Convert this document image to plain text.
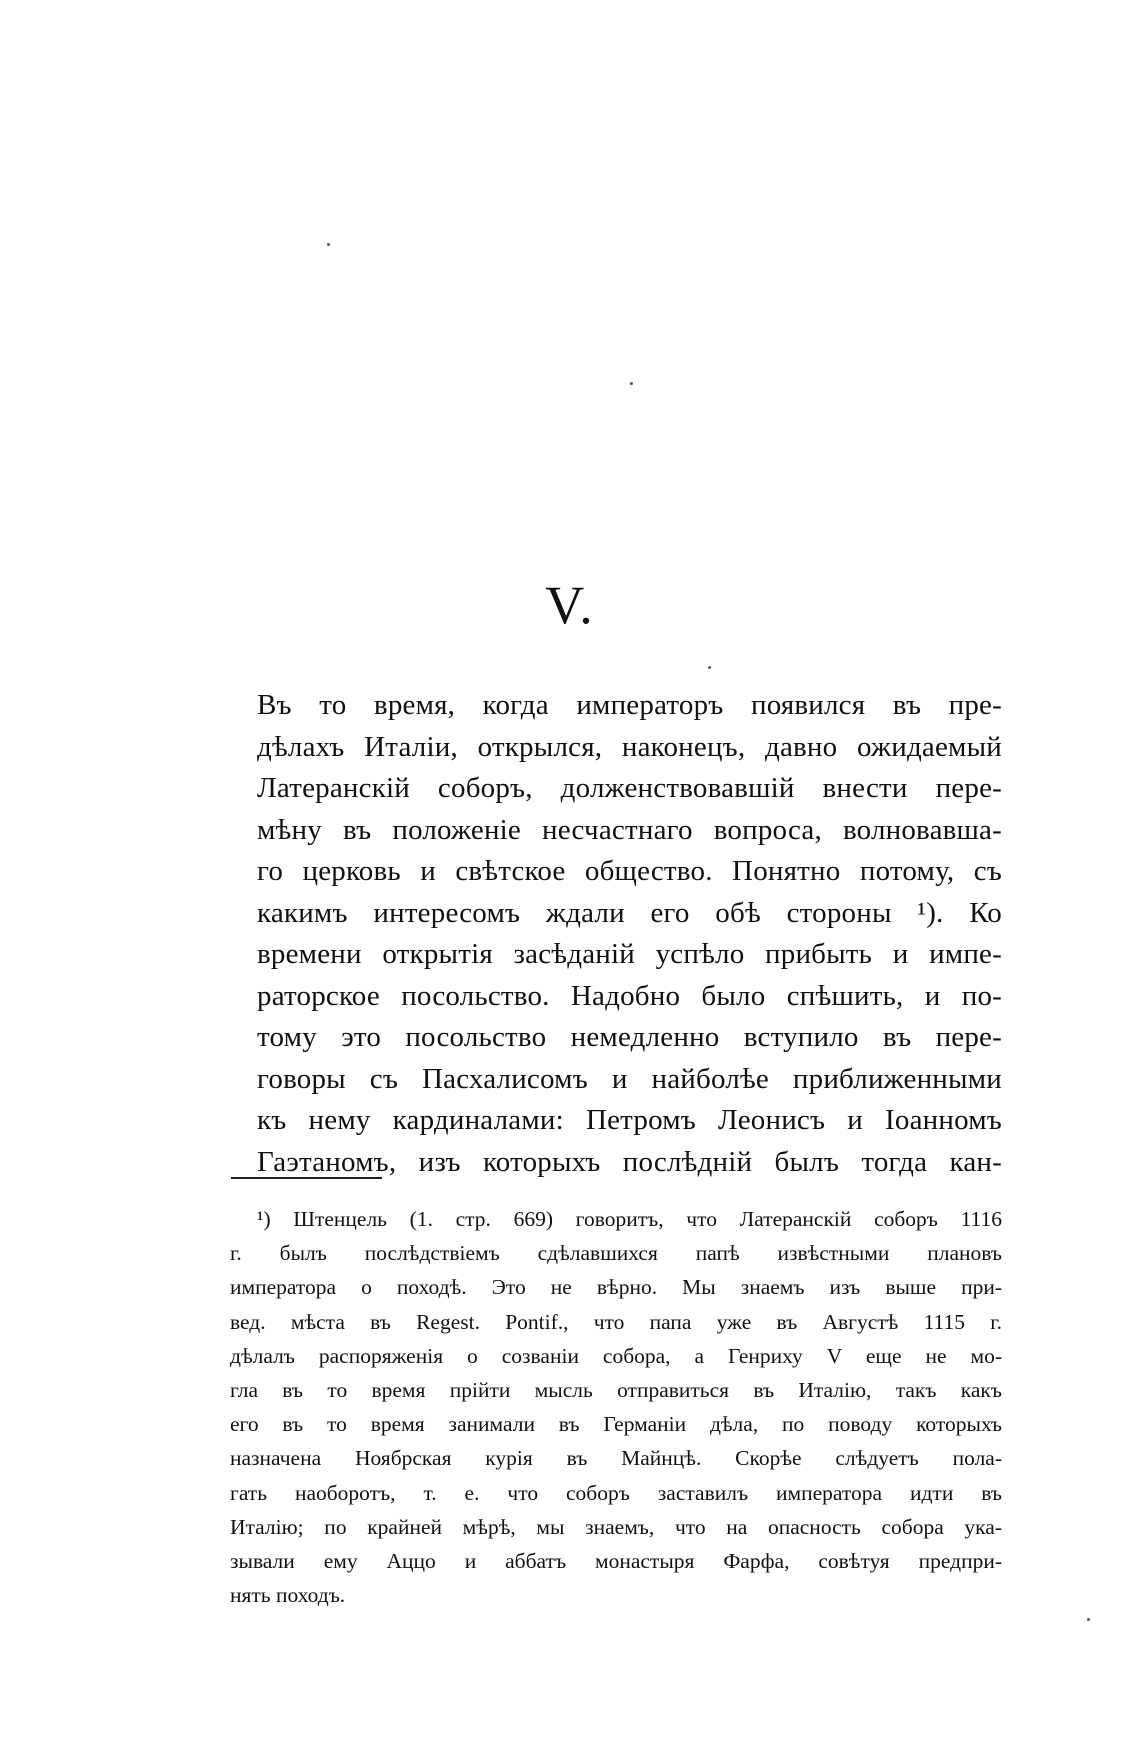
V.
Въ то время, когда императоръ появился въ пре-
дѣлахъ Италіи, открылся, наконецъ, давно ожидаемый
Латеранскій соборъ, долженствовавшій внести пере-
мѣну въ положеніе несчастнаго вопроса, волновавша-
го церковь и свѣтское общество. Понятно потому, съ
какимъ интересомъ ждали его обѣ стороны ¹). Ко
времени открытія засѣданій успѣло прибыть и импе-
раторское посольство. Надобно было спѣшить, и по-
тому это посольство немедленно вступило въ пере-
говоры съ Пасхалисомъ и найболѣе приближенными
къ нему кардиналами: Петромъ Леонисъ и Іоанномъ
Гаэтаномъ, изъ которыхъ послѣдній былъ тогда кан-
¹) Штенцель (1. стр. 669) говоритъ, что Латеранскій соборъ 1116
г. былъ послѣдствіемъ сдѣлавшихся папѣ извѣстными плановъ
императора о походѣ. Это не вѣрно. Мы знаемъ изъ выше при-
вед. мѣста въ Regest. Pontif., что папа уже въ Августѣ 1115 г.
дѣлалъ распоряженія о созваніи собора, а Генриху V еще не мо-
гла въ то время прійти мысль отправиться въ Италію, такъ какъ
его въ то время занимали въ Германіи дѣла, по поводу которыхъ
назначена Ноябрская курія въ Майнцѣ. Скорѣе слѣдуетъ пола-
гать наоборотъ, т. е. что соборъ заставилъ императора идти въ
Италію; по крайней мѣрѣ, мы знаемъ, что на опасность собора ука-
зывали ему Аццо и аббатъ монастыря Фарфа, совѣтуя предпри-
нять походъ.
